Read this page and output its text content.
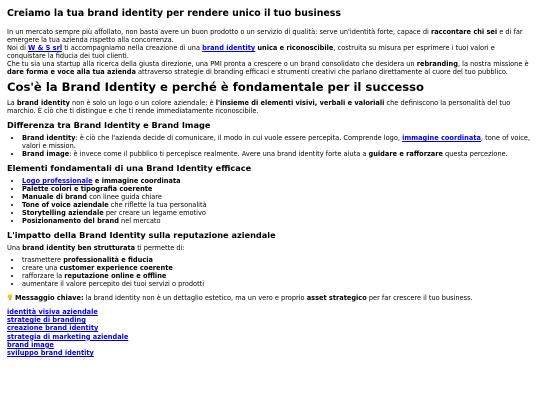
Creiamo la tua brand identity per rendere unico il tuo business

In un mercato sempre più affollato, non basta avere un buon prodotto o un servizio di qualità: serve un'identità forte, capace di raccontare chi sei e di far emergere la tua azienda rispetto alla concorrenza.

Noi di W & S srl ti accompagniamo nella creazione di una brand identity unica e riconoscibile, costruita su misura per esprimere i tuoi valori e conquistare la fiducia dei tuoi clienti.

Che tu sia una startup alla ricerca della giusta direzione, una PMI pronta a crescere o un brand consolidato che desidera un rebranding, la nostra missione è dare forma e voce alla tua azienda attraverso strategie di branding efficaci e strumenti creativi che parlano direttamente al cuore del tuo pubblico.

Cos'è la Brand Identity e perché è fondamentale per il successo

La brand identity non è solo un logo o un colore aziendale: è l'insieme di elementi visivi, verbali e valoriali che definiscono la personalità del tuo marchio. È ciò che ti distingue e che ti rende immediatamente riconoscibile.

Differenza tra Brand Identity e Brand Image
• Brand identity: è ciò che l'azienda decide di comunicare, il modo in cui vuole essere percepita. Comprende logo, immagine coordinata, tone of voice, valori e mission.
• Brand image: è invece come il pubblico ti percepisce realmente. Avere una brand identity forte aiuta a guidare e rafforzare questa percezione.
Elementi fondamentali di una Brand Identity efficace
• Logo professionale e immagine coordinata
• Palette colori e tipografia coerente
• Manuale di brand con linee guida chiare
• Tone of voice aziendale che riflette la tua personalità
• Storytelling aziendale per creare un legame emotivo
• Posizionamento del brand nel mercato
L'impatto della Brand Identity sulla reputazione aziendale

Una brand identity ben strutturata ti permette di:

• trasmettere professionalità e fiducia
• creare una customer experience coerente
• rafforzare la reputazione online e offline
• aumentare il valore percepito dei tuoi servizi o prodotti

Messaggio chiave: la brand identity non è un dettaglio estetico, ma un vero e proprio asset strategico per far crescere il tuo business.

identità visiva aziendale
strategie di branding
creazione brand identity
strategia di marketing aziendale
brand image
sviluppo brand identity
